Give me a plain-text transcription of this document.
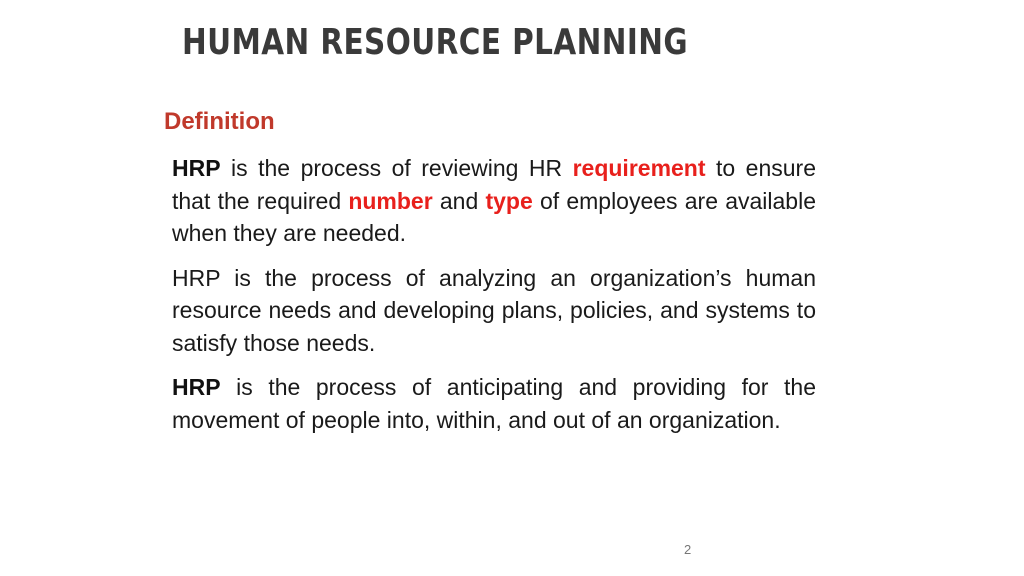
HUMAN RESOURCE PLANNING
Definition

HRP is the process of reviewing HR requirement to ensure that the required number and type of employees are available when they are needed.

HRP is the process of analyzing an organization’s human resource needs and developing plans, policies, and systems to satisfy those needs.

HRP is the process of anticipating and providing for the movement of people into, within, and out of an organization.

2
